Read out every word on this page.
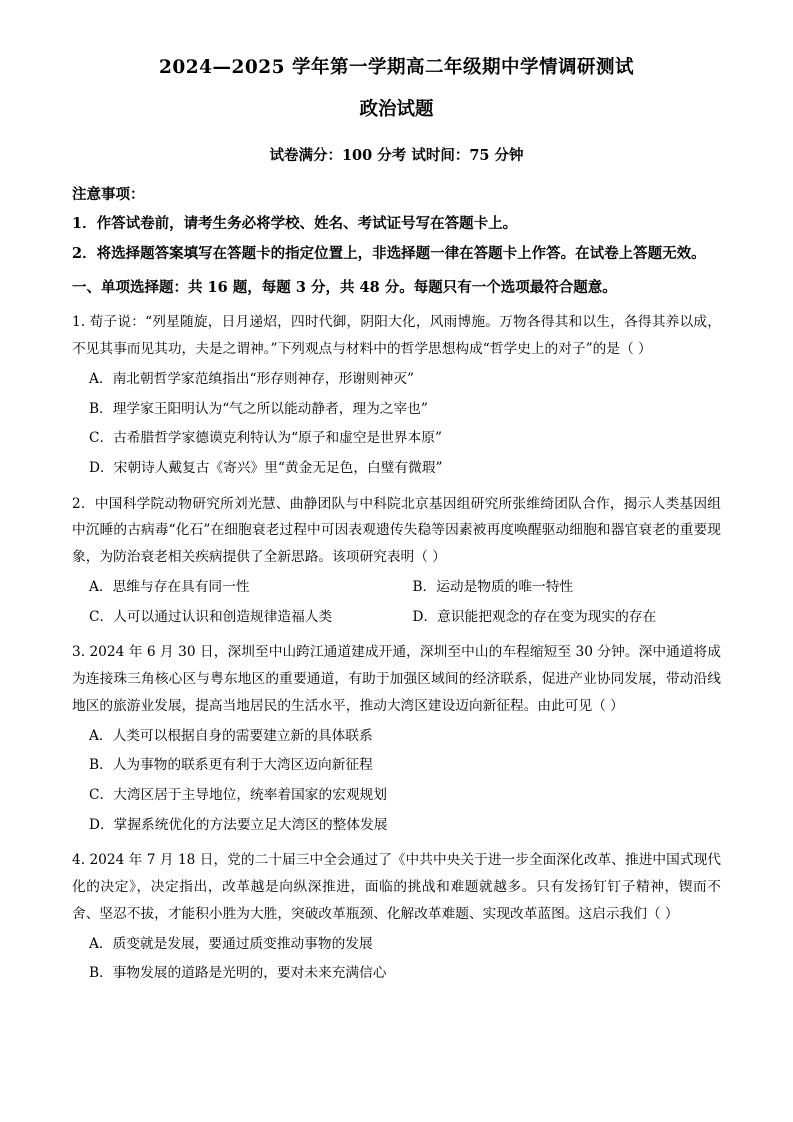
2024—2025 学年第一学期高二年级期中学情调研测试
政治试题
试卷满分：100 分考 试时间：75 分钟
注意事项：
1．作答试卷前，请考生务必将学校、姓名、考试证号写在答题卡上。
2．将选择题答案填写在答题卡的指定位置上，非选择题一律在答题卡上作答。在试卷上答题无效。
一、单项选择题：共 16 题，每题 3 分，共 48 分。每题只有一个选项最符合题意。
1. 荀子说：“列星随旋，日月递炤，四时代御，阴阳大化，风雨博施。万物各得其和以生，各得其养以成，不见其事而见其功，夫是之谓神。”下列观点与材料中的哲学思想构成“哲学史上的对子”的是（ ）
A．南北朝哲学家范缜指出“形存则神存，形谢则神灭”
B．理学家王阳明认为“气之所以能动静者，理为之宰也”
C．古希腊哲学家德谟克利特认为“原子和虚空是世界本原”
D．宋朝诗人戴复古《寄兴》里“黄金无足色，白璧有微瑕”
2．中国科学院动物研究所刘光慧、曲静团队与中科院北京基因组研究所张维绮团队合作，揭示人类基因组中沉睡的古病毒“化石”在细胞衰老过程中可因表观遗传失稳等因素被再度唤醒驱动细胞和器官衰老的重要现象，为防治衰老相关疾病提供了全新思路。该项研究表明（ ）
A．思维与存在具有同一性	B．运动是物质的唯一特性
C．人可以通过认识和创造规律造福人类	D．意识能把观念的存在变为现实的存在
3. 2024 年 6 月 30 日，深圳至中山跨江通道建成开通，深圳至中山的车程缩短至 30 分钟。深中通道将成为连接珠三角核心区与粤东地区的重要通道，有助于加强区域间的经济联系，促进产业协同发展，带动沿线地区的旅游业发展，提高当地居民的生活水平，推动大湾区建设迈向新征程。由此可见（ ）
A．人类可以根据自身的需要建立新的具体联系
B．人为事物的联系更有利于大湾区迈向新征程
C．大湾区居于主导地位，统率着国家的宏观规划
D．掌握系统优化的方法要立足大湾区的整体发展
4. 2024 年 7 月 18 日，党的二十届三中全会通过了《中共中央关于进一步全面深化改革、推进中国式现代化的决定》，决定指出，改革越是向纵深推进，面临的挑战和难题就越多。只有发扬钉钉子精神，锲而不舍、坚忍不拔，才能积小胜为大胜，突破改革瓶颈、化解改革难题、实现改革蓝图。这启示我们（ ）
A．质变就是发展，要通过质变推动事物的发展
B．事物发展的道路是光明的，要对未来充满信心
